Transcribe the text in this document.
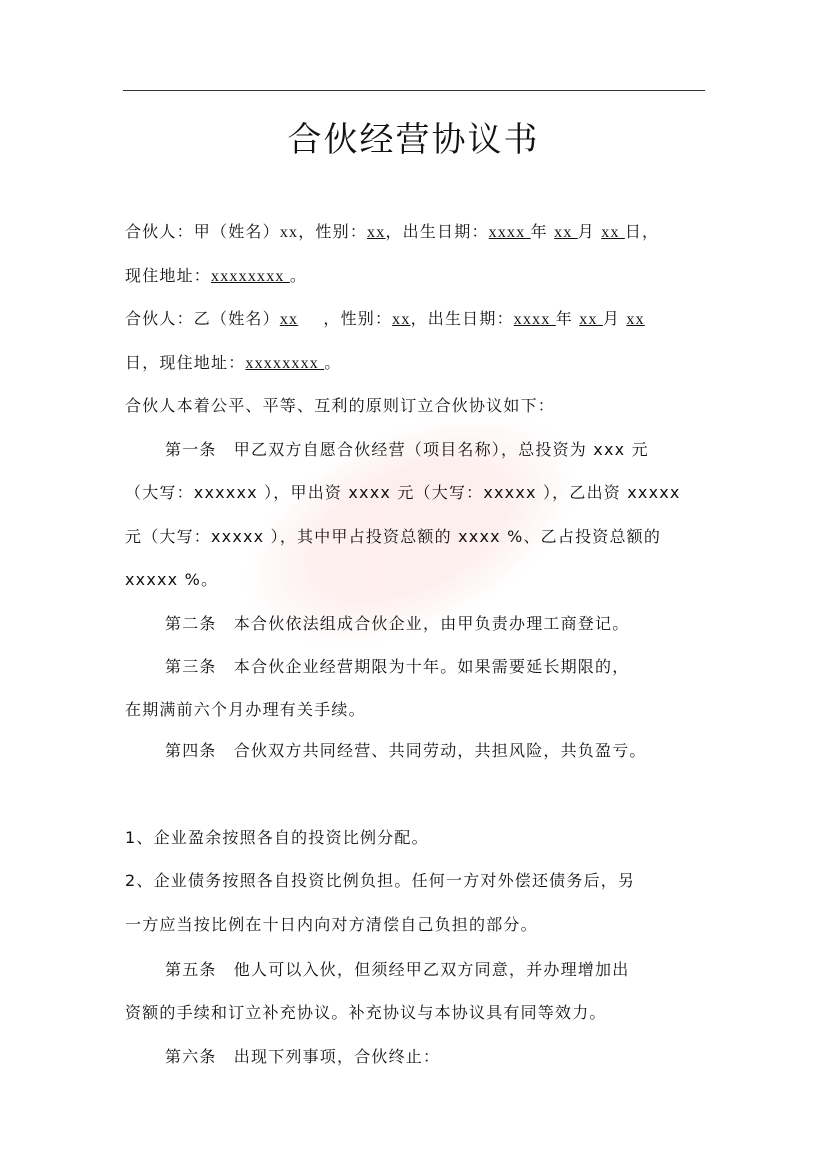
合伙经营协议书
合伙人：甲（姓名）xx，性别：xx，出生日期：xxxx 年 xx 月 xx 日，
现住地址：xxxxxxxx 。
合伙人：乙（姓名）xx    ，性别：xx，出生日期：xxxx 年 xx 月 xx
日，现住地址：xxxxxxxx 。
合伙人本着公平、平等、互利的原则订立合伙协议如下：
第一条　甲乙双方自愿合伙经营（项目名称），总投资为 xxx 元
（大写：xxxxxx ），甲出资 xxxx 元（大写：xxxxx ），乙出资 xxxxx
元（大写：xxxxx ），其中甲占投资总额的 xxxx %、乙占投资总额的
xxxxx %。
第二条　本合伙依法组成合伙企业，由甲负责办理工商登记。
第三条　本合伙企业经营期限为十年。如果需要延长期限的，
在期满前六个月办理有关手续。
第四条　合伙双方共同经营、共同劳动，共担风险，共负盈亏。
1、企业盈余按照各自的投资比例分配。
2、企业债务按照各自投资比例负担。任何一方对外偿还债务后，另
一方应当按比例在十日内向对方清偿自己负担的部分。
第五条　他人可以入伙，但须经甲乙双方同意，并办理增加出
资额的手续和订立补充协议。补充协议与本协议具有同等效力。
第六条　出现下列事项，合伙终止：
